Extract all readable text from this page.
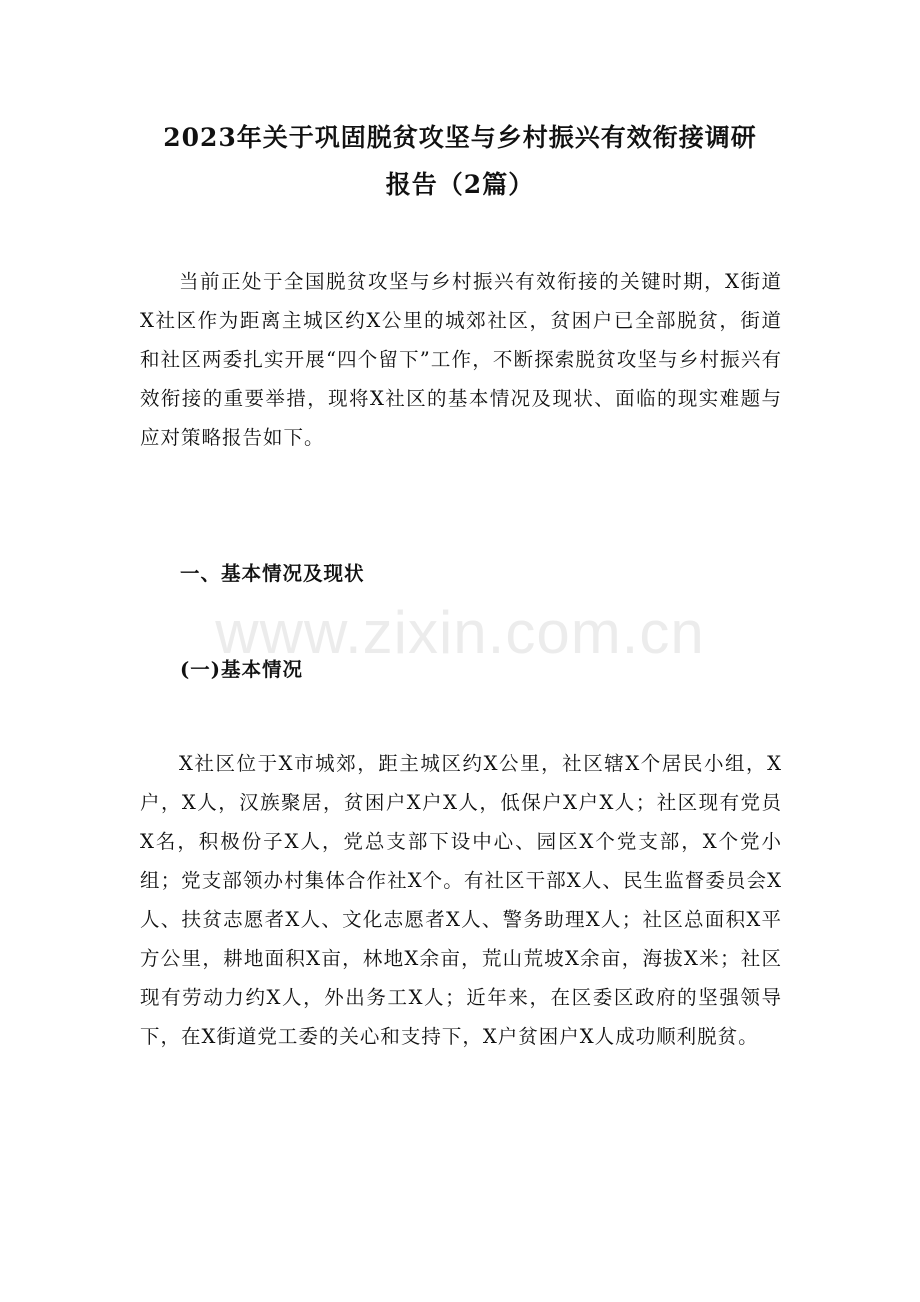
2023年关于巩固脱贫攻坚与乡村振兴有效衔接调研
报告（2篇）

当前正处于全国脱贫攻坚与乡村振兴有效衔接的关键时期，X街道X社区作为距离主城区约X公里的城郊社区，贫困户已全部脱贫，街道和社区两委扎实开展“四个留下”工作，不断探索脱贫攻坚与乡村振兴有效衔接的重要举措，现将X社区的基本情况及现状、面临的现实难题与应对策略报告如下。

一、基本情况及现状
www.zixin.com.cn
(一)基本情况

X社区位于X市城郊，距主城区约X公里，社区辖X个居民小组，X户，X人，汉族聚居，贫困户X户X人，低保户X户X人；社区现有党员X名，积极份子X人，党总支部下设中心、园区X个党支部，X个党小组；党支部领办村集体合作社X个。有社区干部X人、民生监督委员会X人、扶贫志愿者X人、文化志愿者X人、警务助理X人；社区总面积X平方公里，耕地面积X亩，林地X余亩，荒山荒坡X余亩，海拔X米；社区现有劳动力约X人，外出务工X人；近年来，在区委区政府的坚强领导下，在X街道党工委的关心和支持下，X户贫困户X人成功顺利脱贫。
